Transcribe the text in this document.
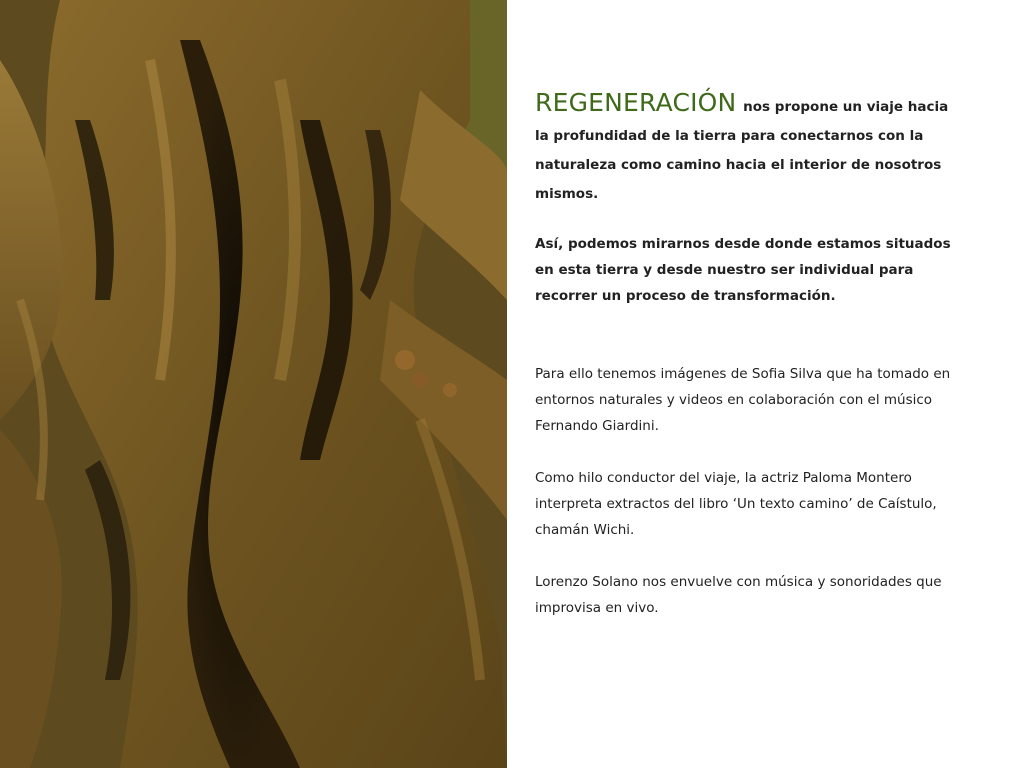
REGENERACIÓN nos propone un viaje hacia la profundidad de la tierra para conectarnos con la naturaleza como camino hacia el interior de nosotros mismos.

Así, podemos mirarnos desde donde estamos situados en esta tierra y desde nuestro ser individual para recorrer un proceso de transformación.

Para ello tenemos imágenes de Sofia Silva que ha tomado en entornos naturales y videos en colaboración con el músico Fernando Giardini.

Como hilo conductor del viaje, la actriz Paloma Montero interpreta extractos del libro ‘Un texto camino’ de Caístulo, chamán Wichi.

Lorenzo Solano nos envuelve con música y sonoridades que improvisa en vivo.
